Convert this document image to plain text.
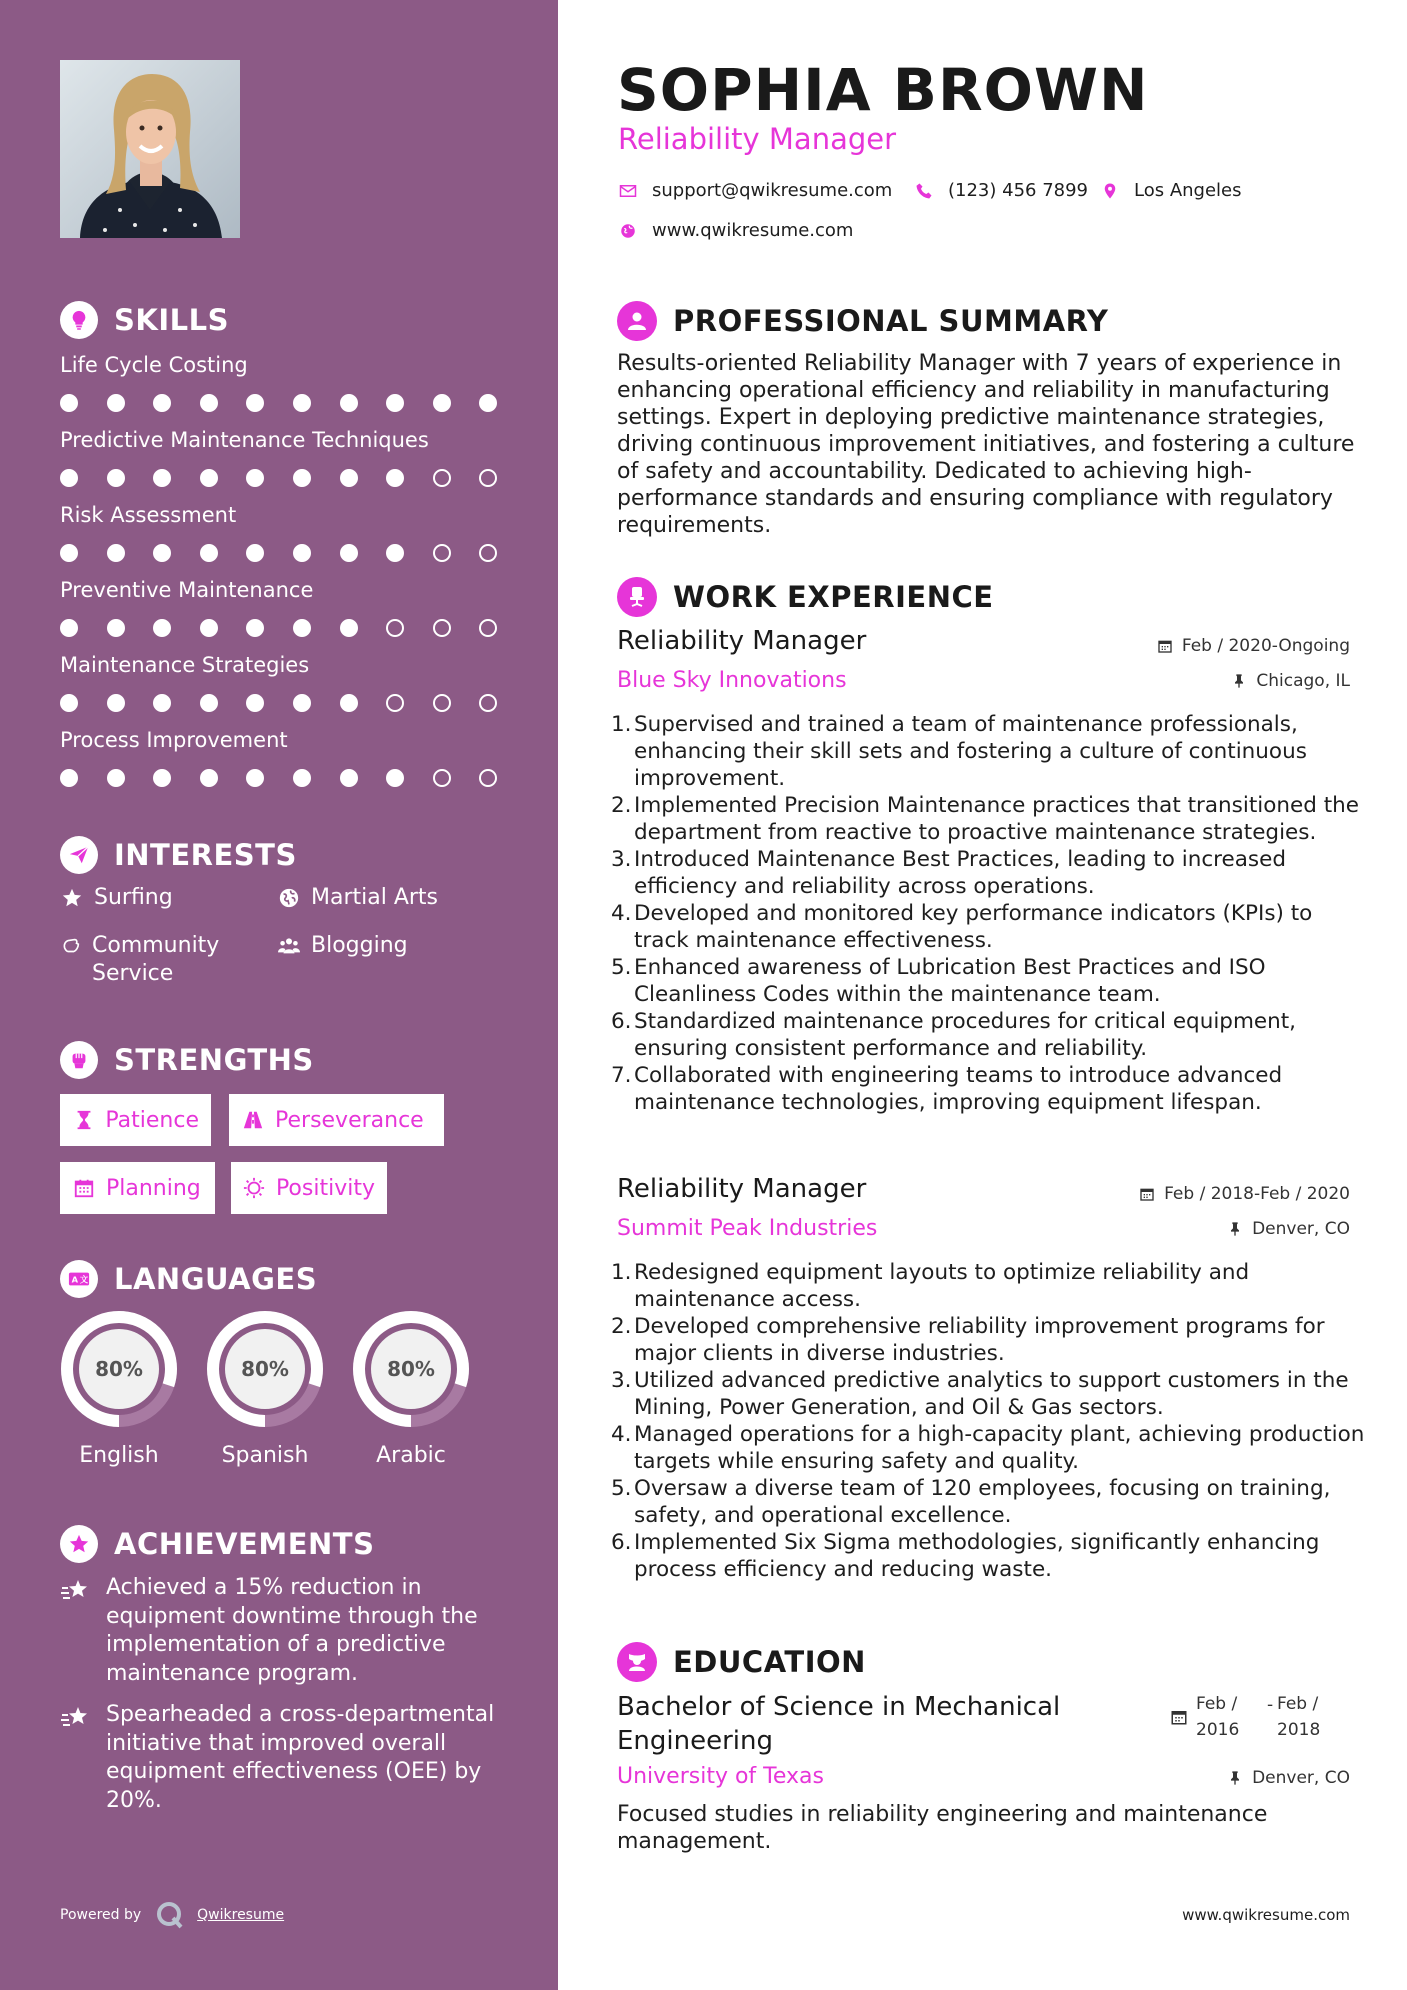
SKILLS
Life Cycle Costing
Predictive Maintenance Techniques
Risk Assessment
Preventive Maintenance
Maintenance Strategies
Process Improvement
INTERESTS
Surfing	Martial Arts
Community Service
Blogging
STRENGTHS
Patience	Perseverance
Planning	Positivity
A 文 LANGUAGES
80%
English
80%
Spanish
80%
Arabic
ACHIEVEMENTS
Achieved a 15% reduction in equipment downtime through the implementation of a predictive maintenance program.
Spearheaded a cross-departmental initiative that improved overall equipment effectiveness (OEE) by 20%.
Powered by	Qwikresume
SOPHIA BROWN
Reliability Manager
support@qwikresume.com	(123) 456 7899	Los Angeles
www.qwikresume.com
PROFESSIONAL SUMMARY
Results-oriented Reliability Manager with 7 years of experience in enhancing operational efficiency and reliability in manufacturing settings. Expert in deploying predictive maintenance strategies, driving continuous improvement initiatives, and fostering a culture of safety and accountability. Dedicated to achieving high-performance standards and ensuring compliance with regulatory requirements.
WORK EXPERIENCE
Reliability Manager
Blue Sky Innovations
Feb / 2020-Ongoing
Chicago, IL
1. Supervised and trained a team of maintenance professionals, enhancing their skill sets and fostering a culture of continuous improvement.
2. Implemented Precision Maintenance practices that transitioned the department from reactive to proactive maintenance strategies.
3. Introduced Maintenance Best Practices, leading to increased efficiency and reliability across operations.
4. Developed and monitored key performance indicators (KPIs) to track maintenance effectiveness.
5. Enhanced awareness of Lubrication Best Practices and ISO Cleanliness Codes within the maintenance team.
6. Standardized maintenance procedures for critical equipment, ensuring consistent performance and reliability.
7. Collaborated with engineering teams to introduce advanced maintenance technologies, improving equipment lifespan.
Reliability Manager
Summit Peak Industries
Feb / 2018-Feb / 2020
Denver, CO
1. Redesigned equipment layouts to optimize reliability and maintenance access.
2. Developed comprehensive reliability improvement programs for major clients in diverse industries.
3. Utilized advanced predictive analytics to support customers in the Mining, Power Generation, and Oil & Gas sectors.
4. Managed operations for a high-capacity plant, achieving production targets while ensuring safety and quality.
5. Oversaw a diverse team of 120 employees, focusing on training, safety, and operational excellence.
6. Implemented Six Sigma methodologies, significantly enhancing process efficiency and reducing waste.
EDUCATION
Bachelor of Science in Mechanical Engineering
University of Texas
Feb / 2016
- Feb / 2018
Denver, CO
Focused studies in reliability engineering and maintenance management.
www.qwikresume.com
